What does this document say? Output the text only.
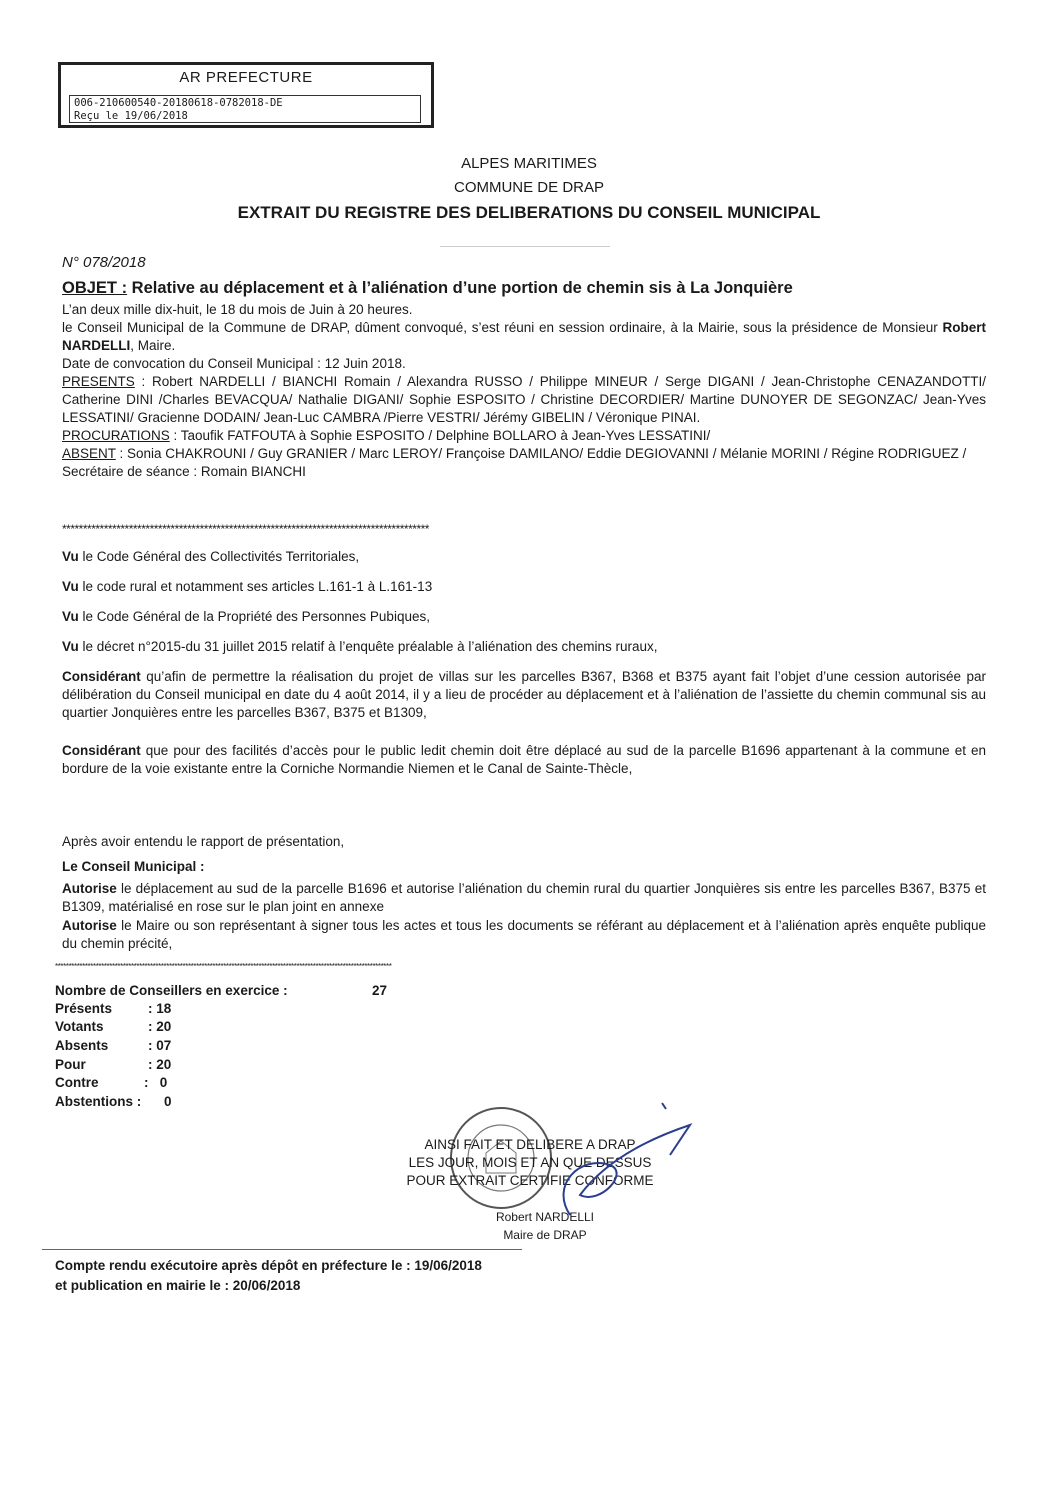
AR PREFECTURE
006-210600540-20180618-0782018-DE
Reçu le 19/06/2018
ALPES MARITIMES
COMMUNE DE DRAP
EXTRAIT DU REGISTRE DES DELIBERATIONS DU CONSEIL MUNICIPAL
N° 078/2018
OBJET : Relative au déplacement et à l’aliénation d’une portion de chemin sis à La Jonquière
L’an deux mille dix-huit, le 18 du mois de Juin à 20 heures.
le Conseil Municipal de la Commune de DRAP, dûment convoqué, s’est réuni en session ordinaire, à la Mairie, sous la présidence de Monsieur Robert NARDELLI, Maire.
Date de convocation du Conseil Municipal : 12 Juin 2018.
PRESENTS : Robert NARDELLI / BIANCHI Romain / Alexandra RUSSO / Philippe MINEUR / Serge DIGANI / Jean-Christophe CENAZANDOTTI/ Catherine DINI /Charles BEVACQUA/ Nathalie DIGANI/ Sophie ESPOSITO / Christine DECORDIER/ Martine DUNOYER DE SEGONZAC/ Jean-Yves LESSATINI/ Gracienne DODAIN/ Jean-Luc CAMBRA /Pierre VESTRI/ Jérémy GIBELIN / Véronique PINAI.
PROCURATIONS : Taoufik FATFOUTA à Sophie ESPOSITO / Delphine BOLLARO à Jean-Yves LESSATINI/
ABSENT : Sonia CHAKROUNI / Guy GRANIER / Marc LEROY/ Françoise DAMILANO/ Eddie DEGIOVANNI / Mélanie MORINI / Régine RODRIGUEZ /
Secrétaire de séance : Romain BIANCHI
****************************************************************************************
Vu le Code Général des Collectivités Territoriales,
Vu le code rural et notamment ses articles L.161-1 à L.161-13
Vu le Code Général de la Propriété des Personnes Pubiques,
Vu le décret n°2015-du 31 juillet 2015 relatif à l’enquête préalable à l’aliénation des chemins ruraux,
Considérant qu’afin de permettre la réalisation du projet de villas sur les parcelles B367, B368 et B375 ayant fait l’objet d’une cession autorisée par délibération du Conseil municipal en date du 4 août 2014, il y a lieu de procéder au déplacement et à l’aliénation de l’assiette du chemin communal sis au quartier Jonquières entre les parcelles B367, B375 et B1309,
Considérant que pour des facilités d’accès pour le public ledit chemin doit être déplacé au sud de la parcelle B1696 appartenant à la commune et en bordure de la voie existante entre la Corniche Normandie Niemen et le Canal de Sainte-Thècle,
Après avoir entendu le rapport de présentation,
Le Conseil Municipal :
Autorise le déplacement au sud de la parcelle B1696 et autorise l’aliénation du chemin rural du quartier Jonquières sis entre les parcelles B367, B375 et B1309, matérialisé en rose sur le plan joint en annexe
Autorise le Maire ou son représentant à signer tous les actes et tous les documents se référant au déplacement et à l’aliénation après enquête publique du chemin précité,
****************************************************************************************************************************
Nombre de Conseillers en exercice :	27
Présents	: 18
Votants	: 20
Absents	: 07
Pour	: 20
Contre	:   0
Abstentions : 0
AINSI FAIT ET DELIBERE A DRAP
LES JOUR, MOIS ET AN QUE DESSUS
POUR EXTRAIT CERTIFIE CONFORME
Robert NARDELLI
Maire de DRAP
Compte rendu exécutoire après dépôt en préfecture le : 19/06/2018
et publication en mairie le : 20/06/2018
